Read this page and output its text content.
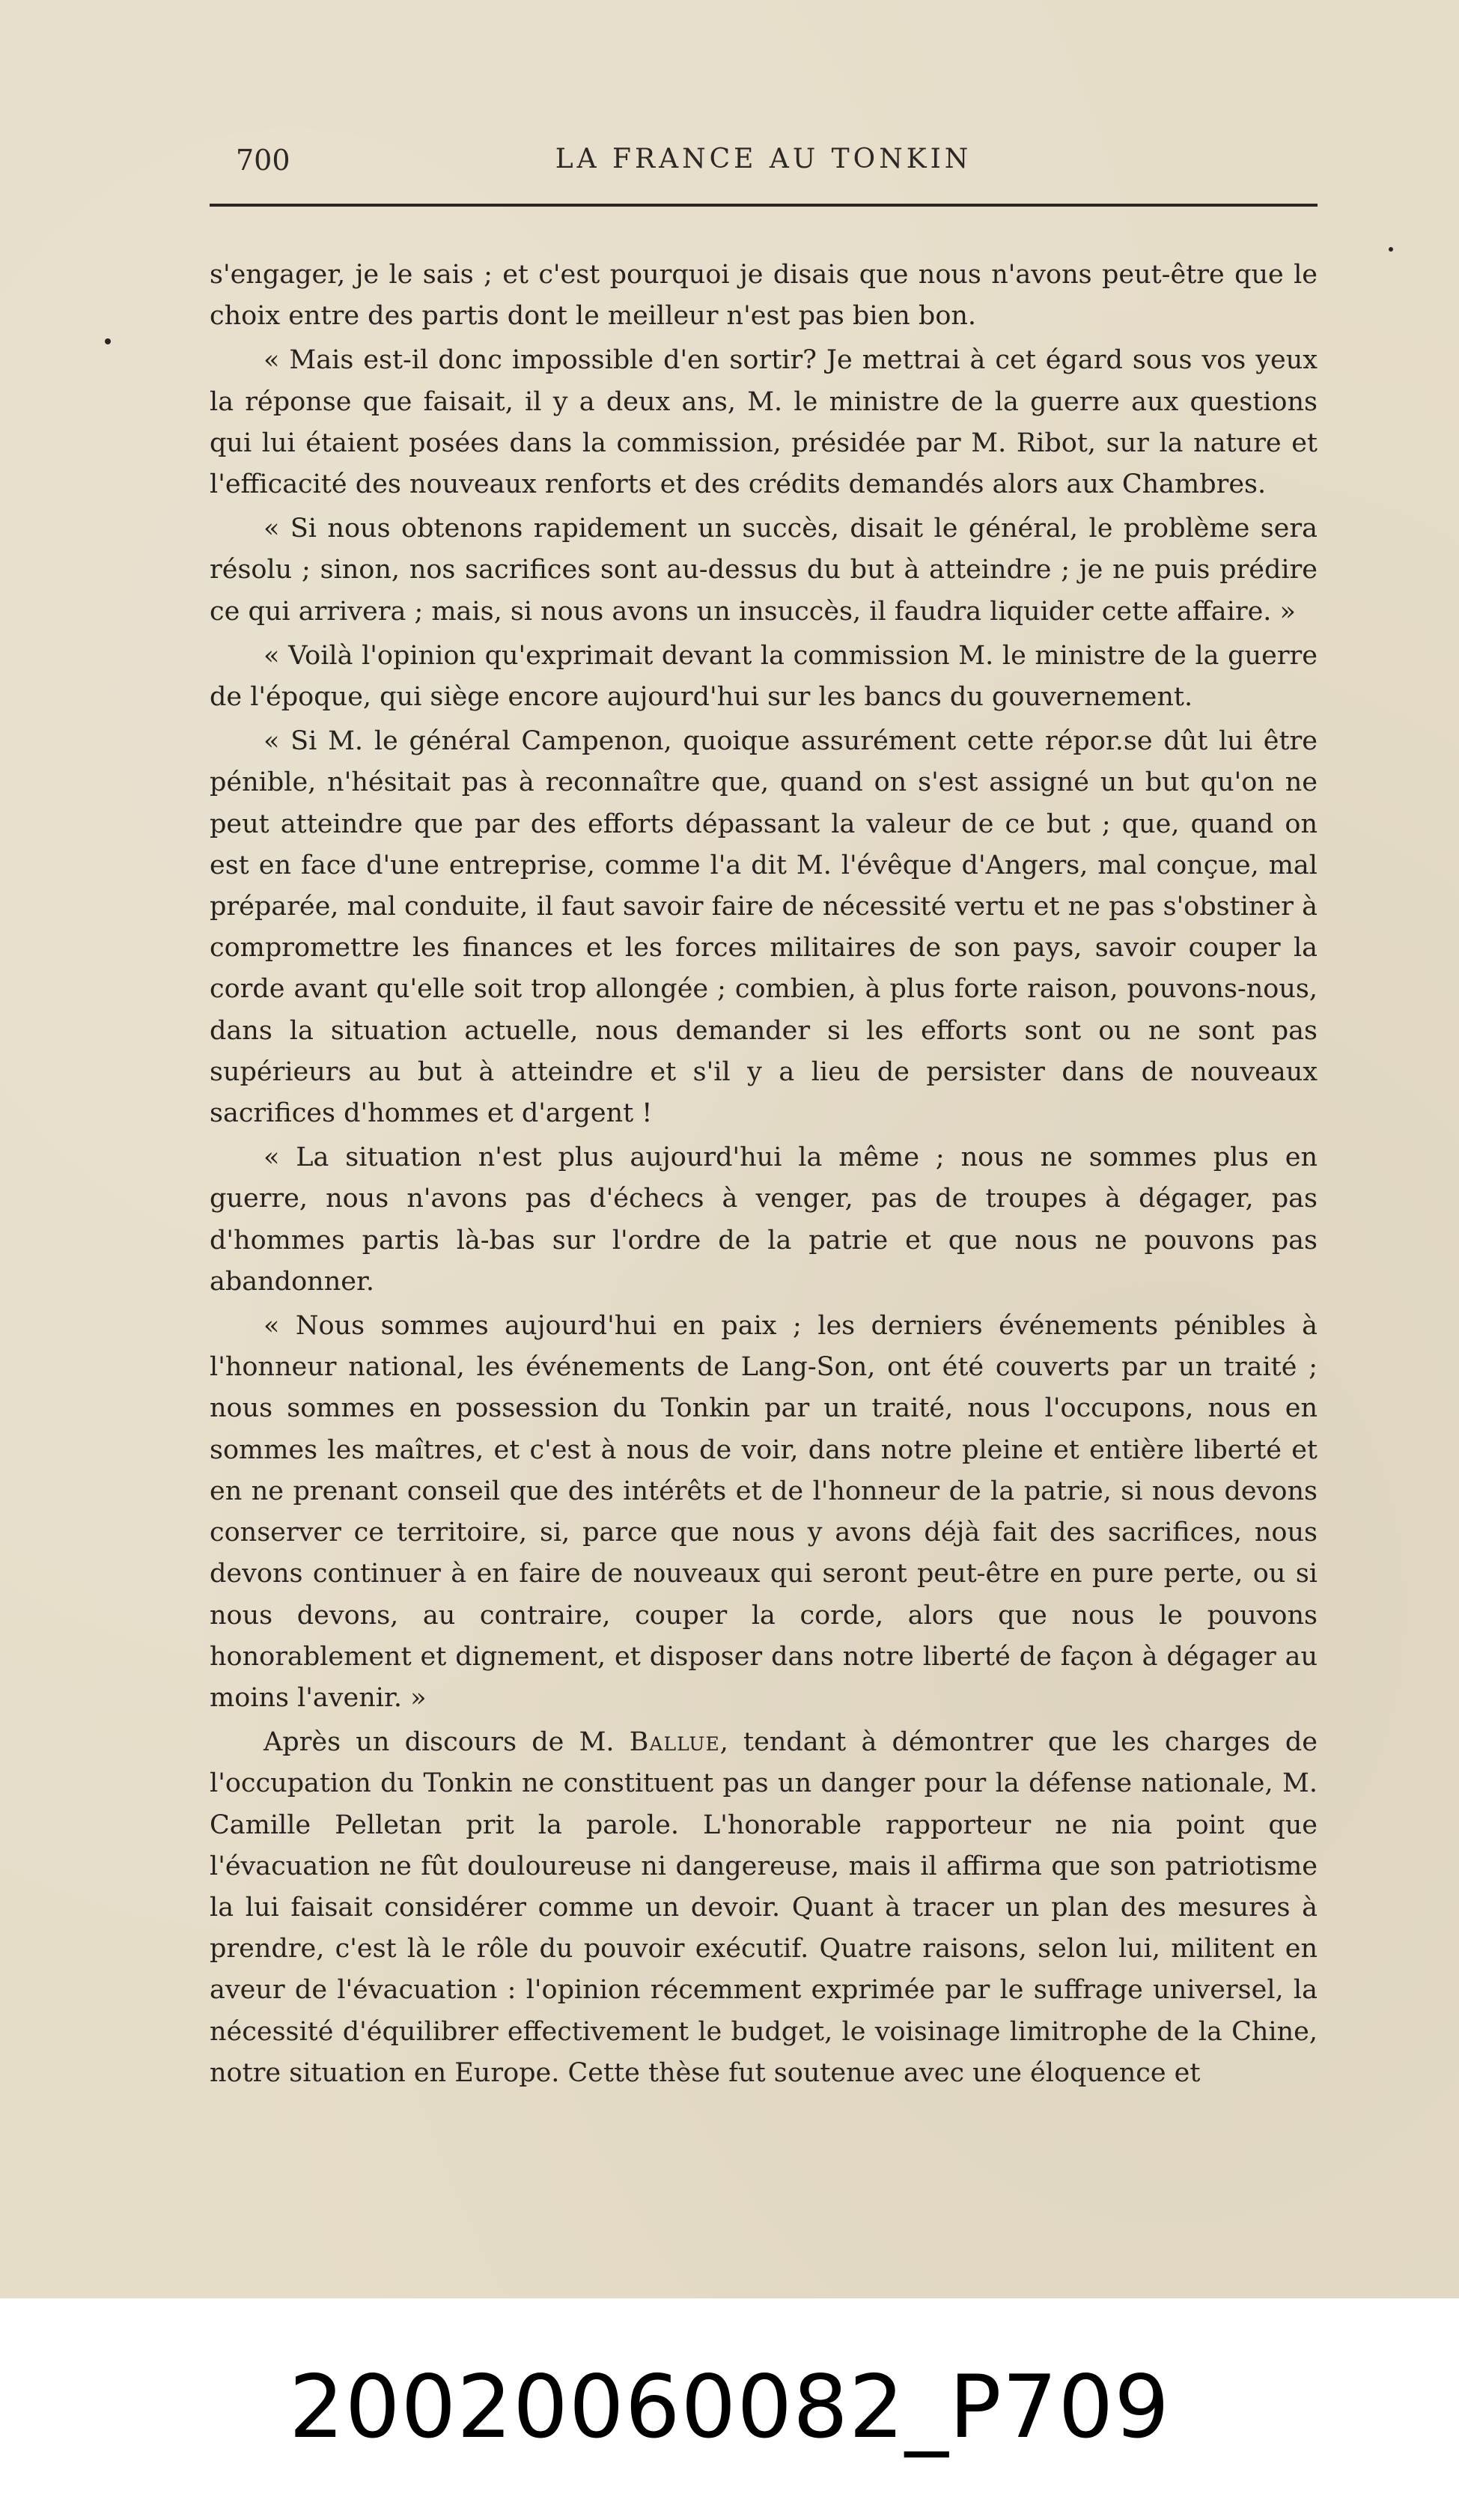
700	LA FRANCE AU TONKIN

s'engager, je le sais ; et c'est pourquoi je disais que nous n'avons peut-être que le choix entre des partis dont le meilleur n'est pas bien bon.

« Mais est-il donc impossible d'en sortir? Je mettrai à cet égard sous vos yeux la réponse que faisait, il y a deux ans, M. le ministre de la guerre aux questions qui lui étaient posées dans la commission, présidée par M. Ribot, sur la nature et l'efficacité des nouveaux renforts et des crédits demandés alors aux Chambres.

« Si nous obtenons rapidement un succès, disait le général, le problème sera résolu ; sinon, nos sacrifices sont au-dessus du but à atteindre ; je ne puis prédire ce qui arrivera ; mais, si nous avons un insuccès, il faudra liquider cette affaire. »

« Voilà l'opinion qu'exprimait devant la commission M. le ministre de la guerre de l'époque, qui siège encore aujourd'hui sur les bancs du gouvernement.

« Si M. le général Campenon, quoique assurément cette répor.se dût lui être pénible, n'hésitait pas à reconnaître que, quand on s'est assigné un but qu'on ne peut atteindre que par des efforts dépassant la valeur de ce but ; que, quand on est en face d'une entreprise, comme l'a dit M. l'évêque d'Angers, mal conçue, mal préparée, mal conduite, il faut savoir faire de nécessité vertu et ne pas s'obstiner à compromettre les finances et les forces militaires de son pays, savoir couper la corde avant qu'elle soit trop allongée ; combien, à plus forte raison, pouvons-nous, dans la situation actuelle, nous demander si les efforts sont ou ne sont pas supérieurs au but à atteindre et s'il y a lieu de persister dans de nouveaux sacrifices d'hommes et d'argent !

« La situation n'est plus aujourd'hui la même ; nous ne sommes plus en guerre, nous n'avons pas d'échecs à venger, pas de troupes à dégager, pas d'hommes partis là-bas sur l'ordre de la patrie et que nous ne pouvons pas abandonner.

« Nous sommes aujourd'hui en paix ; les derniers événements pénibles à l'honneur national, les événements de Lang-Son, ont été couverts par un traité ; nous sommes en possession du Tonkin par un traité, nous l'occupons, nous en sommes les maîtres, et c'est à nous de voir, dans notre pleine et entière liberté et en ne prenant conseil que des intérêts et de l'honneur de la patrie, si nous devons conserver ce territoire, si, parce que nous y avons déjà fait des sacrifices, nous devons continuer à en faire de nouveaux qui seront peut-être en pure perte, ou si nous devons, au contraire, couper la corde, alors que nous le pouvons honorablement et dignement, et disposer dans notre liberté de façon à dégager au moins l'avenir. »

Après un discours de M. Ballue, tendant à démontrer que les charges de l'occupation du Tonkin ne constituent pas un danger pour la défense nationale, M. Camille Pelletan prit la parole. L'honorable rapporteur ne nia point que l'évacuation ne fût douloureuse ni dangereuse, mais il affirma que son patriotisme la lui faisait considérer comme un devoir. Quant à tracer un plan des mesures à prendre, c'est là le rôle du pouvoir exécutif. Quatre raisons, selon lui, militent en aveur de l'évacuation : l'opinion récemment exprimée par le suffrage universel, la nécessité d'équilibrer effectivement le budget, le voisinage limitrophe de la Chine, notre situation en Europe. Cette thèse fut soutenue avec une éloquence et

20020060082_P709
